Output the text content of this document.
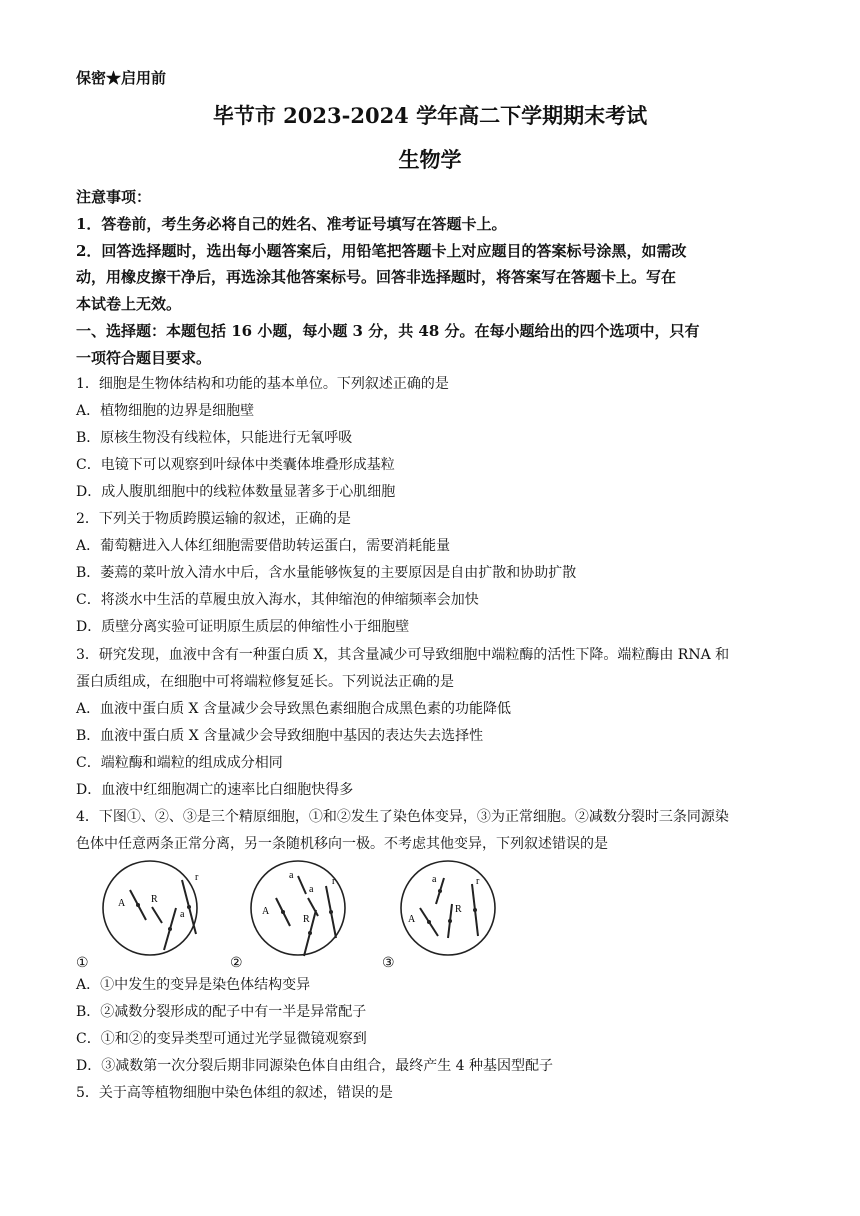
保密★启用前
毕节市 2023-2024 学年高二下学期期末考试
生物学
注意事项：
1．答卷前，考生务必将自己的姓名、准考证号填写在答题卡上。
2．回答选择题时，选出每小题答案后，用铅笔把答题卡上对应题目的答案标号涂黑，如需改
动，用橡皮擦干净后，再选涂其他答案标号。回答非选择题时，将答案写在答题卡上。写在
本试卷上无效。
一、选择题：本题包括 16 小题，每小题 3 分，共 48 分。在每小题给出的四个选项中，只有
一项符合题目要求。
1．细胞是生物体结构和功能的基本单位。下列叙述正确的是
A．植物细胞的边界是细胞壁
B．原核生物没有线粒体，只能进行无氧呼吸
C．电镜下可以观察到叶绿体中类囊体堆叠形成基粒
D．成人腹肌细胞中的线粒体数量显著多于心肌细胞
2．下列关于物质跨膜运输的叙述，正确的是
A．葡萄糖进入人体红细胞需要借助转运蛋白，需要消耗能量
B．萎蔫的菜叶放入清水中后，含水量能够恢复的主要原因是自由扩散和协助扩散
C．将淡水中生活的草履虫放入海水，其伸缩泡的伸缩频率会加快
D．质壁分离实验可证明原生质层的伸缩性小于细胞壁
3．研究发现，血液中含有一种蛋白质 X，其含量减少可导致细胞中端粒酶的活性下降。端粒酶由 RNA 和
蛋白质组成，在细胞中可将端粒修复延长。下列说法正确的是
A．血液中蛋白质 X 含量减少会导致黑色素细胞合成黑色素的功能降低
B．血液中蛋白质 X 含量减少会导致细胞中基因的表达失去选择性
C．端粒酶和端粒的组成成分相同
D．血液中红细胞凋亡的速率比白细胞快得多
4．下图①、②、③是三个精原细胞，①和②发生了染色体变异，③为正常细胞。②减数分裂时三条同源染
色体中任意两条正常分离，另一条随机移向一极。不考虑其他变异，下列叙述错误的是
A	R
a
r
①
A
a
a
R
r
②
A
a
R
r
③
A．①中发生的变异是染色体结构变异
B．②减数分裂形成的配子中有一半是异常配子
C．①和②的变异类型可通过光学显微镜观察到
D．③减数第一次分裂后期非同源染色体自由组合，最终产生 4 种基因型配子
5．关于高等植物细胞中染色体组的叙述，错误的是
